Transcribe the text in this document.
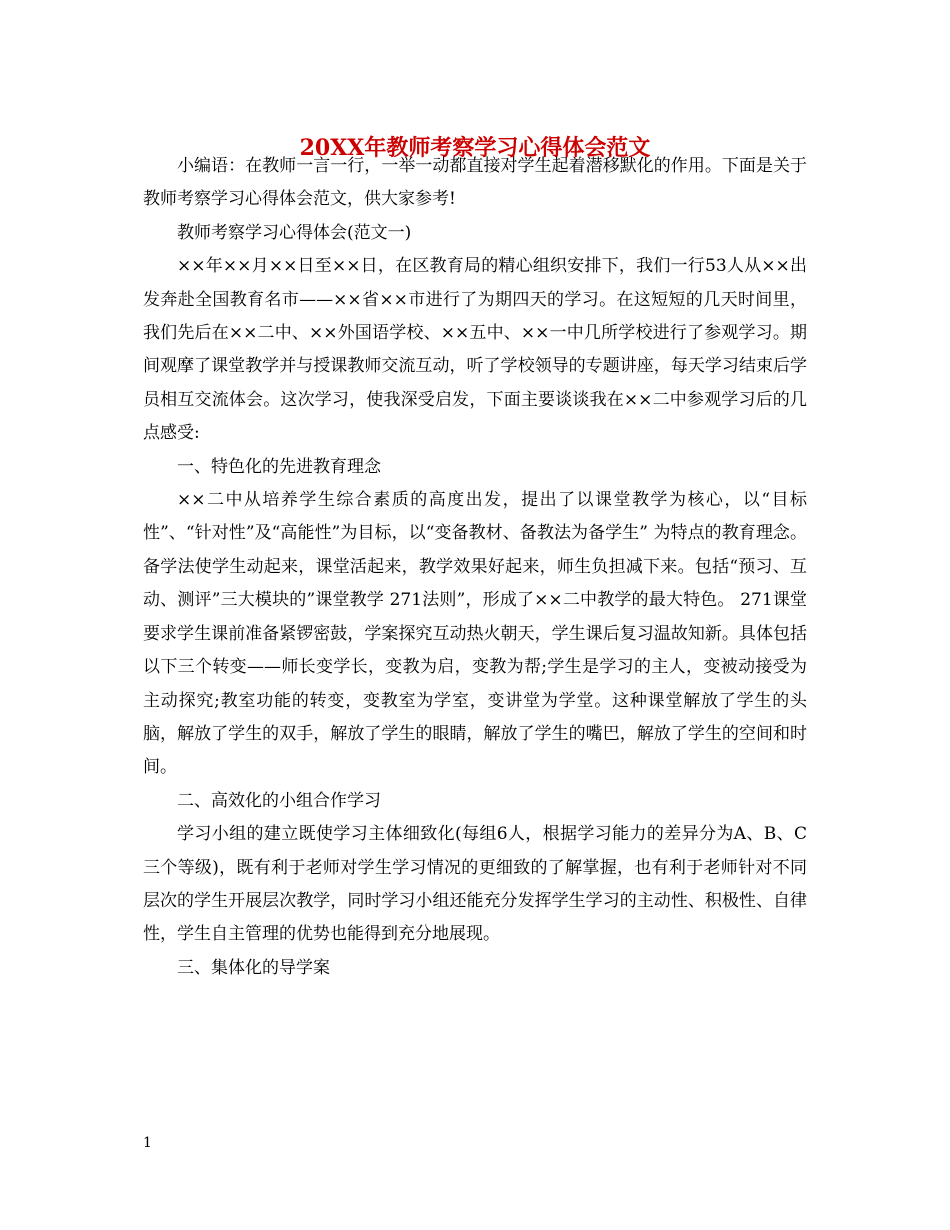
20XX年教师考察学习心得体会范文

小编语：在教师一言一行，一举一动都直接对学生起着潜移默化的作用。下面是关于教师考察学习心得体会范文，供大家参考!

教师考察学习心得体会(范文一)

××年××月××日至××日，在区教育局的精心组织安排下，我们一行53人从××出发奔赴全国教育名市——××省××市进行了为期四天的学习。在这短短的几天时间里，我们先后在××二中、××外国语学校、××五中、××一中几所学校进行了参观学习。期间观摩了课堂教学并与授课教师交流互动，听了学校领导的专题讲座，每天学习结束后学员相互交流体会。这次学习，使我深受启发，下面主要谈谈我在××二中参观学习后的几点感受:

一、特色化的先进教育理念

××二中从培养学生综合素质的高度出发，提出了以课堂教学为核心，以“目标性”、“针对性”及“高能性”为目标，以“变备教材、备教法为备学生” 为特点的教育理念。备学法使学生动起来，课堂活起来，教学效果好起来，师生负担减下来。包括“预习、互动、测评”三大模块的”课堂教学 271法则”，形成了××二中教学的最大特色。 271课堂要求学生课前准备紧锣密鼓，学案探究互动热火朝天，学生课后复习温故知新。具体包括以下三个转变——师长变学长，变教为启，变教为帮;学生是学习的主人，变被动接受为主动探究;教室功能的转变，变教室为学室，变讲堂为学堂。这种课堂解放了学生的头脑，解放了学生的双手，解放了学生的眼睛，解放了学生的嘴巴，解放了学生的空间和时间。

二、高效化的小组合作学习

学习小组的建立既使学习主体细致化(每组6人，根据学习能力的差异分为A、B、C三个等级)，既有利于老师对学生学习情况的更细致的了解掌握，也有利于老师针对不同层次的学生开展层次教学，同时学习小组还能充分发挥学生学习的主动性、积极性、自律性，学生自主管理的优势也能得到充分地展现。

三、集体化的导学案

1
